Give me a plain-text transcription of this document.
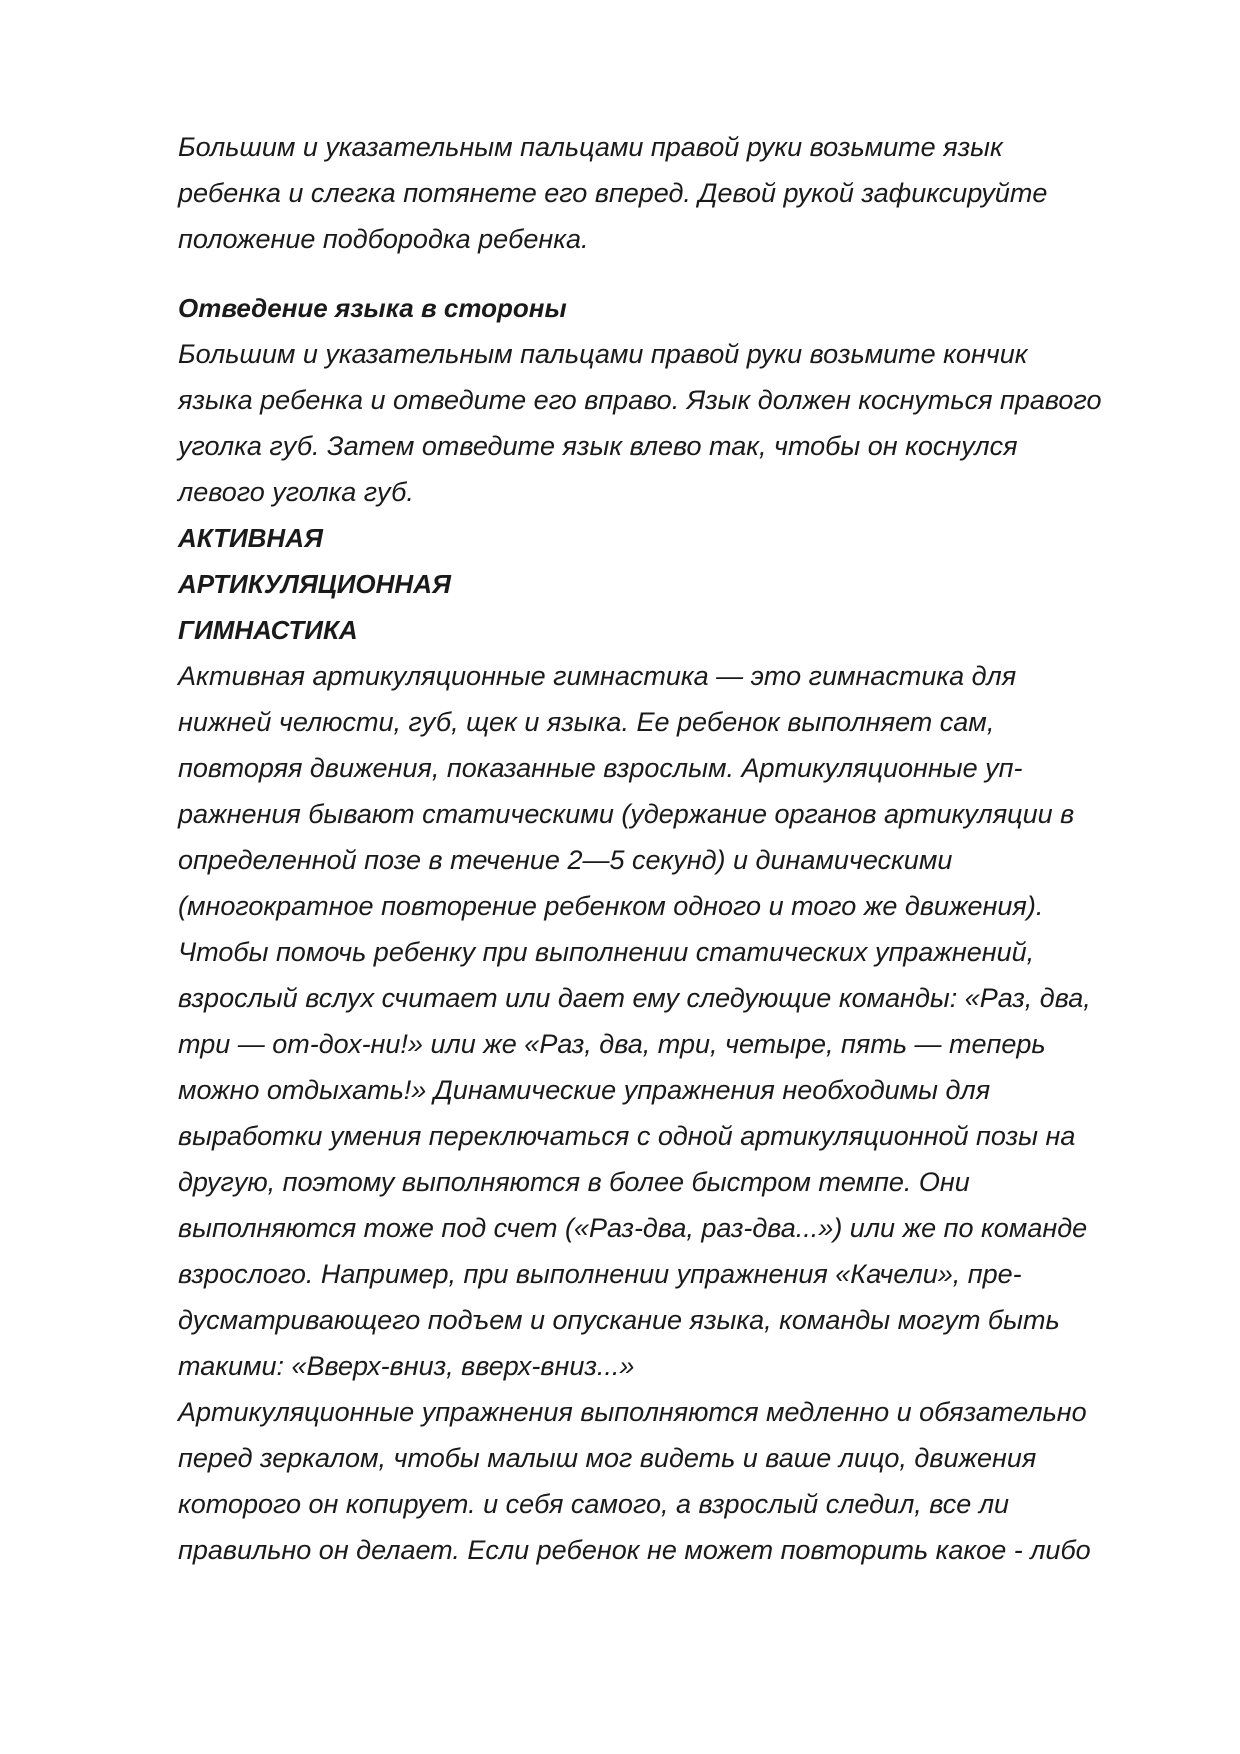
Большим и указательным пальцами правой руки возьмите язык

ребенка и слегка потянете его вперед. Девой рукой зафиксируйте

положение подбородка ребенка.

Отведение языка в стороны

Большим и указательным пальцами правой руки возьмите кончик

языка ребенка и отведите его вправо. Язык должен коснуться правого

уголка губ. Затем отведите язык влево так, чтобы он коснулся

левого уголка губ.

АКТИВНАЯ

АРТИКУЛЯЦИОННАЯ

ГИМНАСТИКА

Активная артикуляционные гимнастика — это гимнастика для

нижней челюсти, губ, щек и языка. Ее ребенок выполняет сам,

повторяя движения, показанные взрослым. Артикуляционные уп-

ражнения бывают статическими (удержание органов артикуляции в

определенной позе в течение 2—5 секунд) и динамическими

(многократное повторение ребенком одного и того же движения).

Чтобы помочь ребенку при выполнении статических упражнений,

взрослый вслух считает или дает ему следующие команды: «Раз, два,

три — от-дох-ни!» или же «Раз, два, три, четыре, пять — теперь

можно отдыхать!» Динамические упражнения необходимы для

выработки умения переключаться с одной артикуляционной позы на

другую, поэтому выполняются в более быстром темпе. Они

выполняются тоже под счет («Раз-два, раз-два...») или же по команде

взрослого. Например, при выполнении упражнения «Качели», пре-

дусматривающего подъем и опускание языка, команды могут быть

такими: «Вверх-вниз, вверх-вниз...»

Артикуляционные упражнения выполняются медленно и обязательно

перед зеркалом, чтобы малыш мог видеть и ваше лицо, движения

которого он копирует. и себя самого, а взрослый следил, все ли

правильно он делает. Если ребенок не может повторить какое - либо
